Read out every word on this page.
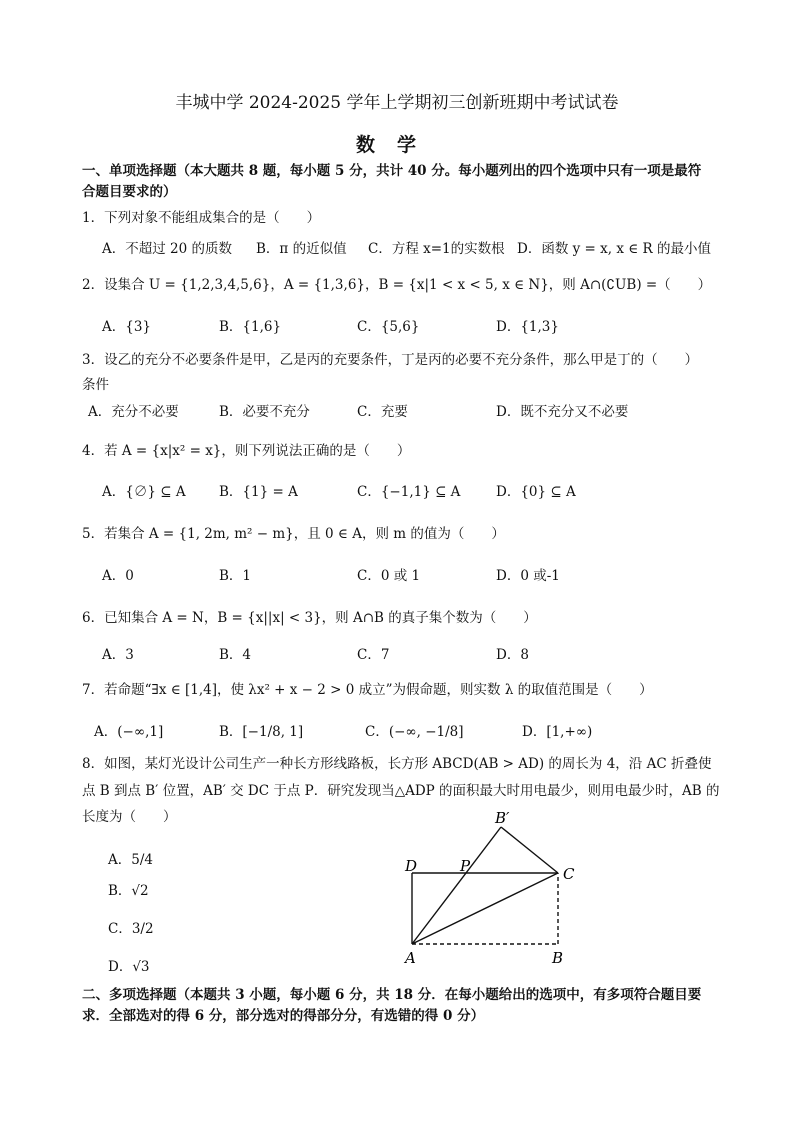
丰城中学 2024-2025 学年上学期初三创新班期中考试试卷
数学
一、单项选择题（本大题共 8 题，每小题 5 分，共计 40 分。每小题列出的四个选项中只有一项是最符
合题目要求的）
1．下列对象不能组成集合的是（　　）
A．不超过 20 的质数 B．π 的近似值 C．方程 x=1的实数根 D．函数 y = x, x ∈ R 的最小值
2．设集合 U = {1,2,3,4,5,6}，A = {1,3,6}，B = {x|1 < x < 5, x ∈ N}，则 A∩(∁UB) =（　　）
A．{3}	B．{1,6}	C．{5,6}	D．{1,3}
3．设乙的充分不必要条件是甲，乙是丙的充要条件，丁是丙的必要不充分条件，那么甲是丁的（　　）
条件
A．充分不必要	B．必要不充分	C．充要	D．既不充分又不必要
4．若 A = {x|x² = x}，则下列说法正确的是（　　）
A．{∅} ⊆ A B．{1} = A	C．{−1,1} ⊆ A	D．{0} ⊆ A
5．若集合 A = {1, 2m, m² − m}，且 0 ∈ A，则 m 的值为（　　）
A．0	B．1	C．0 或 1	D．0 或-1
6．已知集合 A = N，B = {x||x| < 3}，则 A∩B 的真子集个数为（　　）
A．3	B．4	C．7	D．8
7．若命题“∃x ∈ [1,4]，使 λx² + x − 2 > 0 成立”为假命题，则实数 λ 的取值范围是（　　）
A．(−∞,1]	B．[−1/8, 1]	C．(−∞, −1/8]	D．[1,+∞)
8．如图，某灯光设计公司生产一种长方形线路板，长方形 ABCD(AB > AD) 的周长为 4，沿 AC 折叠使
点 B 到点 B′ 位置，AB′ 交 DC 于点 P．研究发现当△ADP 的面积最大时用电最少，则用电最少时，AB 的
长度为（　　）
A．5/4
B．√2
C．3/2
D．√3
D	P	C
A	B
B′
二、多项选择题（本题共 3 小题，每小题 6 分，共 18 分．在每小题给出的选项中，有多项符合题目要
求．全部选对的得 6 分，部分选对的得部分分，有选错的得 0 分）
